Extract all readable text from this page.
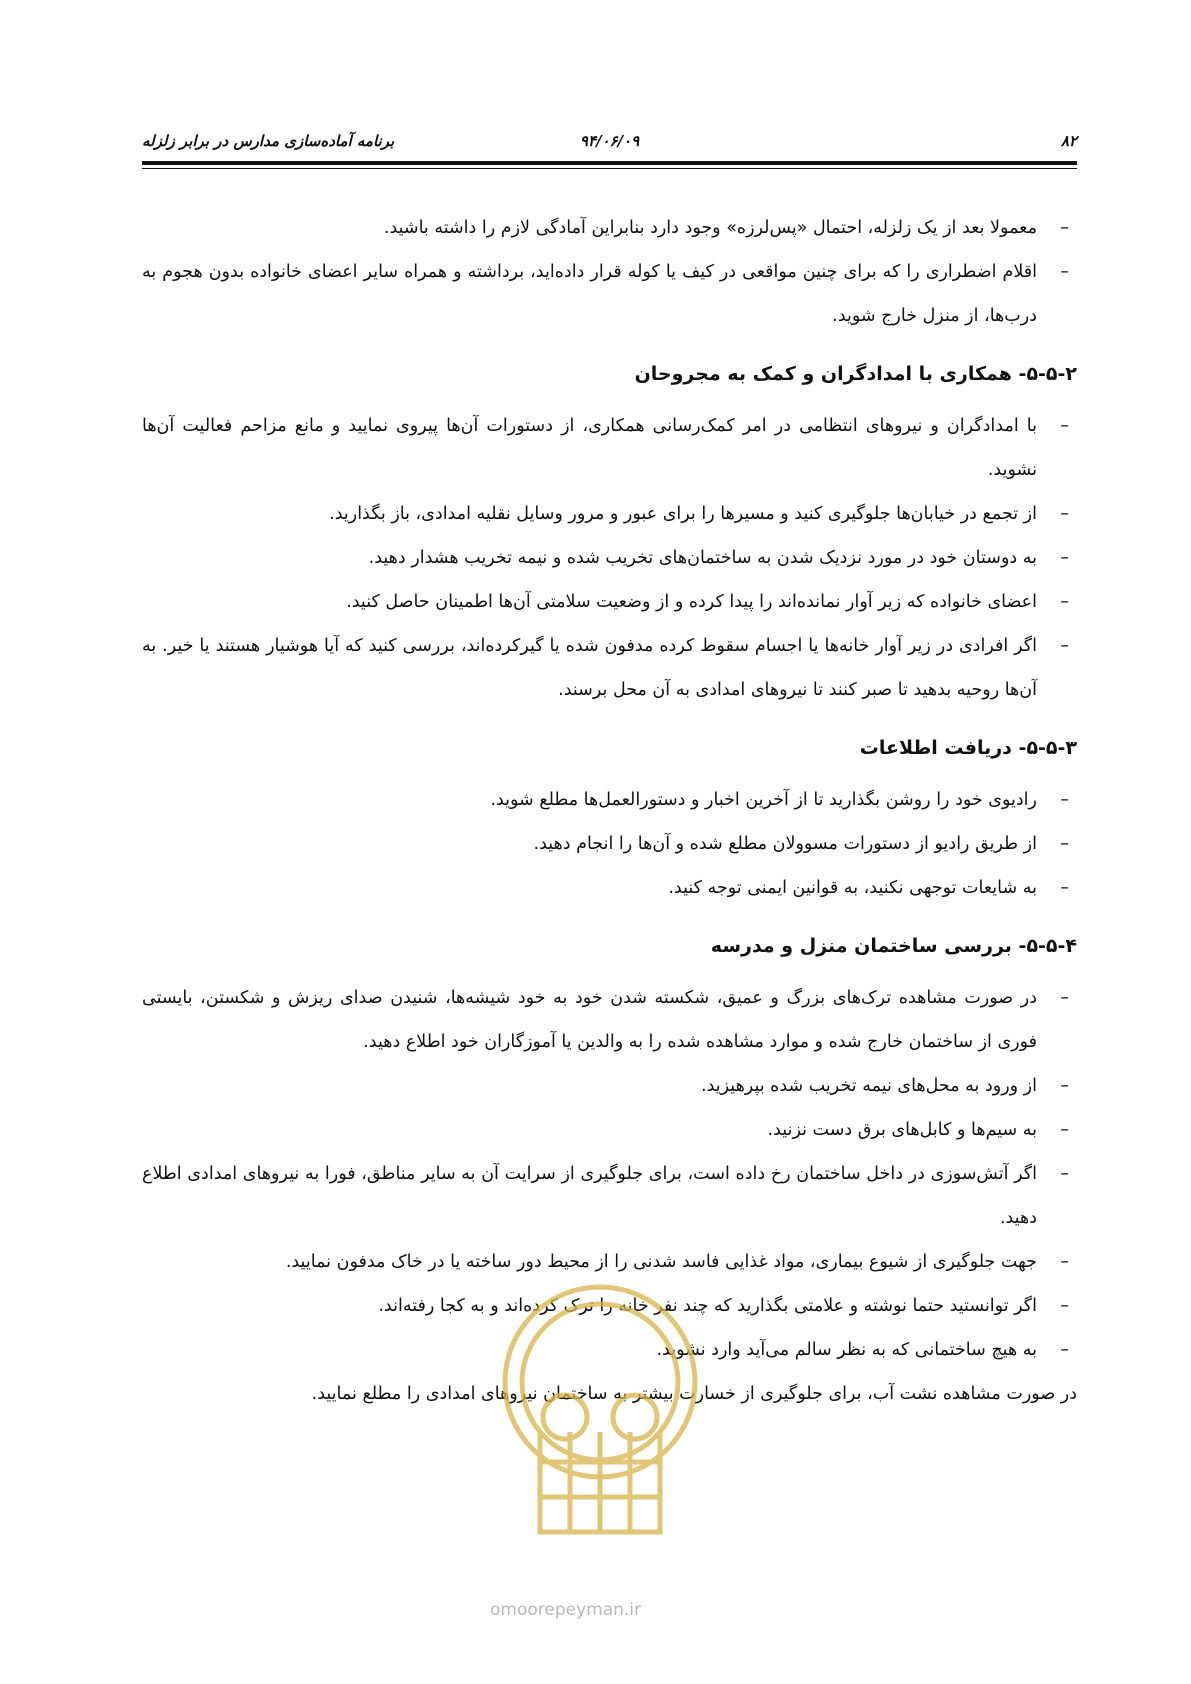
۸۲
۹۴/۰۶/۰۹
برنامه آماده‌سازی مدارس در برابر زلزله

–
معمولا بعد از یک زلزله، احتمال «پس‌لرزه» وجود دارد بنابراین آمادگی لازم را داشته باشید.

–
اقلام اضطراری را که برای چنین مواقعی در کیف یا کوله قرار داده‌اید، برداشته و همراه سایر اعضای خانواده بدون هجوم به درب‌ها، از منزل خارج شوید.

۵-۵-۲- همکاری با امدادگران و کمک به مجروحان

–
با امدادگران و نیروهای انتظامی در امر کمک‌رسانی همکاری، از دستورات آن‌ها پیروی نمایید و مانع مزاحم فعالیت آن‌ها نشوید.

–
از تجمع در خیابان‌ها جلوگیری کنید و مسیرها را برای عبور و مرور وسایل نقلیه امدادی، باز بگذارید.

–
به دوستان خود در مورد نزدیک شدن به ساختمان‌های تخریب شده و نیمه تخریب هشدار دهید.

–
اعضای خانواده که زیر آوار نمانده‌اند را پیدا کرده و از وضعیت سلامتی آن‌ها اطمینان حاصل کنید.

–
اگر افرادی در زیر آوار خانه‌ها یا اجسام سقوط کرده مدفون شده یا گیرکرده‌اند، بررسی کنید که آیا هوشیار هستند یا خیر. به آن‌ها روحیه بدهید تا صبر کنند تا نیروهای امدادی به آن محل برسند.

۵-۵-۳- دریافت اطلاعات

–
رادیوی خود را روشن بگذارید تا از آخرین اخبار و دستورالعمل‌ها مطلع شوید.

–
از طریق رادیو از دستورات مسوولان مطلع شده و آن‌ها را انجام دهید.

–
به شایعات توجهی نکنید، به قوانین ایمنی توجه کنید.

۵-۵-۴- بررسی ساختمان منزل و مدرسه

–
در صورت مشاهده ترک‌های بزرگ و عمیق، شکسته شدن خود به خود شیشه‌ها، شنیدن صدای ریزش و شکستن، بایستی فوری از ساختمان خارج شده و موارد مشاهده شده را به والدین یا آموزگاران خود اطلاع دهید.

–
از ورود به محل‌های نیمه تخریب شده بپرهیزید.

–
به سیم‌ها و کابل‌های برق دست نزنید.

–
اگر آتش‌سوزی در داخل ساختمان رخ داده است، برای جلوگیری از سرایت آن به سایر مناطق، فورا به نیروهای امدادی اطلاع دهید.

–
جهت جلوگیری از شیوع بیماری، مواد غذایی فاسد شدنی را از محیط دور ساخته یا در خاک مدفون نمایید.

–
اگر توانستید حتما نوشته و علامتی بگذارید که چند نفر خانه را ترک کرده‌اند و به کجا رفته‌اند.

–
به هیچ ساختمانی که به نظر سالم می‌آید وارد نشوید.

در صورت مشاهده نشت آب، برای جلوگیری از خسارت بیشتر به ساختمان نیروهای امدادی را مطلع نمایید.

omoorepeyman.ir
